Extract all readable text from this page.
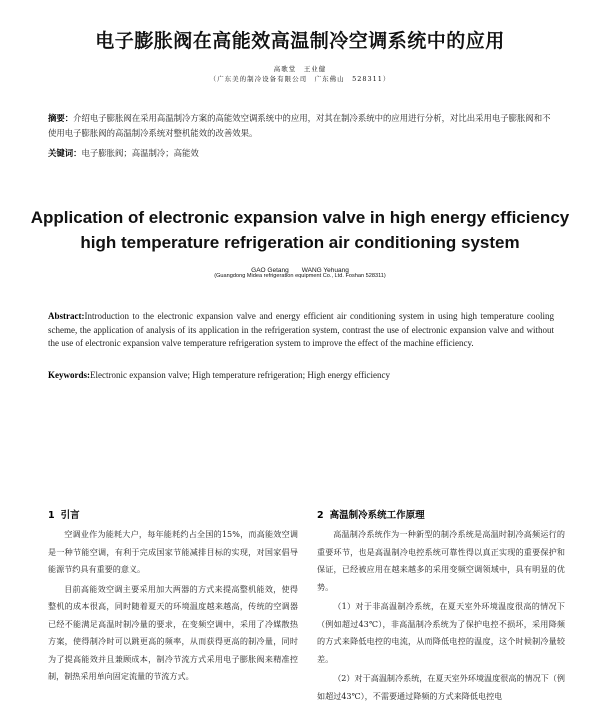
电子膨胀阀在高能效高温制冷空调系统中的应用
高歌堂　王业健
（广东美的制冷设备有限公司　广东佛山　528311）
摘要：介绍电子膨胀阀在采用高温制冷方案的高能效空调系统中的应用，对其在制冷系统中的应用进行分析，对比出采用电子膨胀阀和不使用电子膨胀阀的高温制冷系统对整机能效的改善效果。
关键词：电子膨胀阀；高温制冷；高能效
Application of electronic expansion valve in high energy efficiency
high temperature refrigeration air conditioning system
GAO Getang　　WANG Yehuang
(Guangdong Midea refrigeration equipment Co., Ltd. Foshan 528311)
Abstract:Introduction to the electronic expansion valve and energy efficient air conditioning system in using high temperature cooling scheme, the application of analysis of its application in the refrigeration system, contrast the use of electronic expansion valve and without the use of electronic expansion valve temperature refrigeration system to improve the effect of the machine efficiency.
Keywords:Electronic expansion valve; High temperature refrigeration; High energy efficiency
1 引言

空调业作为能耗大户，每年能耗约占全国的15%，而高能效空调是一种节能空调，有利于完成国家节能减排目标的实现，对国家倡导能源节约具有重要的意义。

目前高能效空调主要采用加大两器的方式来提高整机能效，使得整机的成本很高，同时随着夏天的环境温度越来越高，传统的空调器已经不能满足高温时制冷量的要求，在变频空调中，采用了冷媒散热方案，使得制冷时可以跳更高的频率，从而获得更高的制冷量，同时为了提高能效并且兼顾成本，制冷节流方式采用电子膨胀阀来精准控制，制热采用单向固定流量的节流方式。

2 高温制冷系统工作原理

高温制冷系统作为一种新型的制冷系统是高温时制冷高频运行的重要环节，也是高温制冷电控系统可靠性得以真正实现的重要保护和保证，已经被应用在越来越多的采用变频空调领域中，具有明显的优势。

（1）对于非高温制冷系统，在夏天室外环境温度很高的情况下（例如超过43℃），非高温制冷系统为了保护电控不损坏，采用降频的方式来降低电控的电流，从而降低电控的温度，这个时候制冷量较差。

（2）对于高温制冷系统，在夏天室外环境温度很高的情况下（例如超过43℃），不需要通过降频的方式来降低电控电
